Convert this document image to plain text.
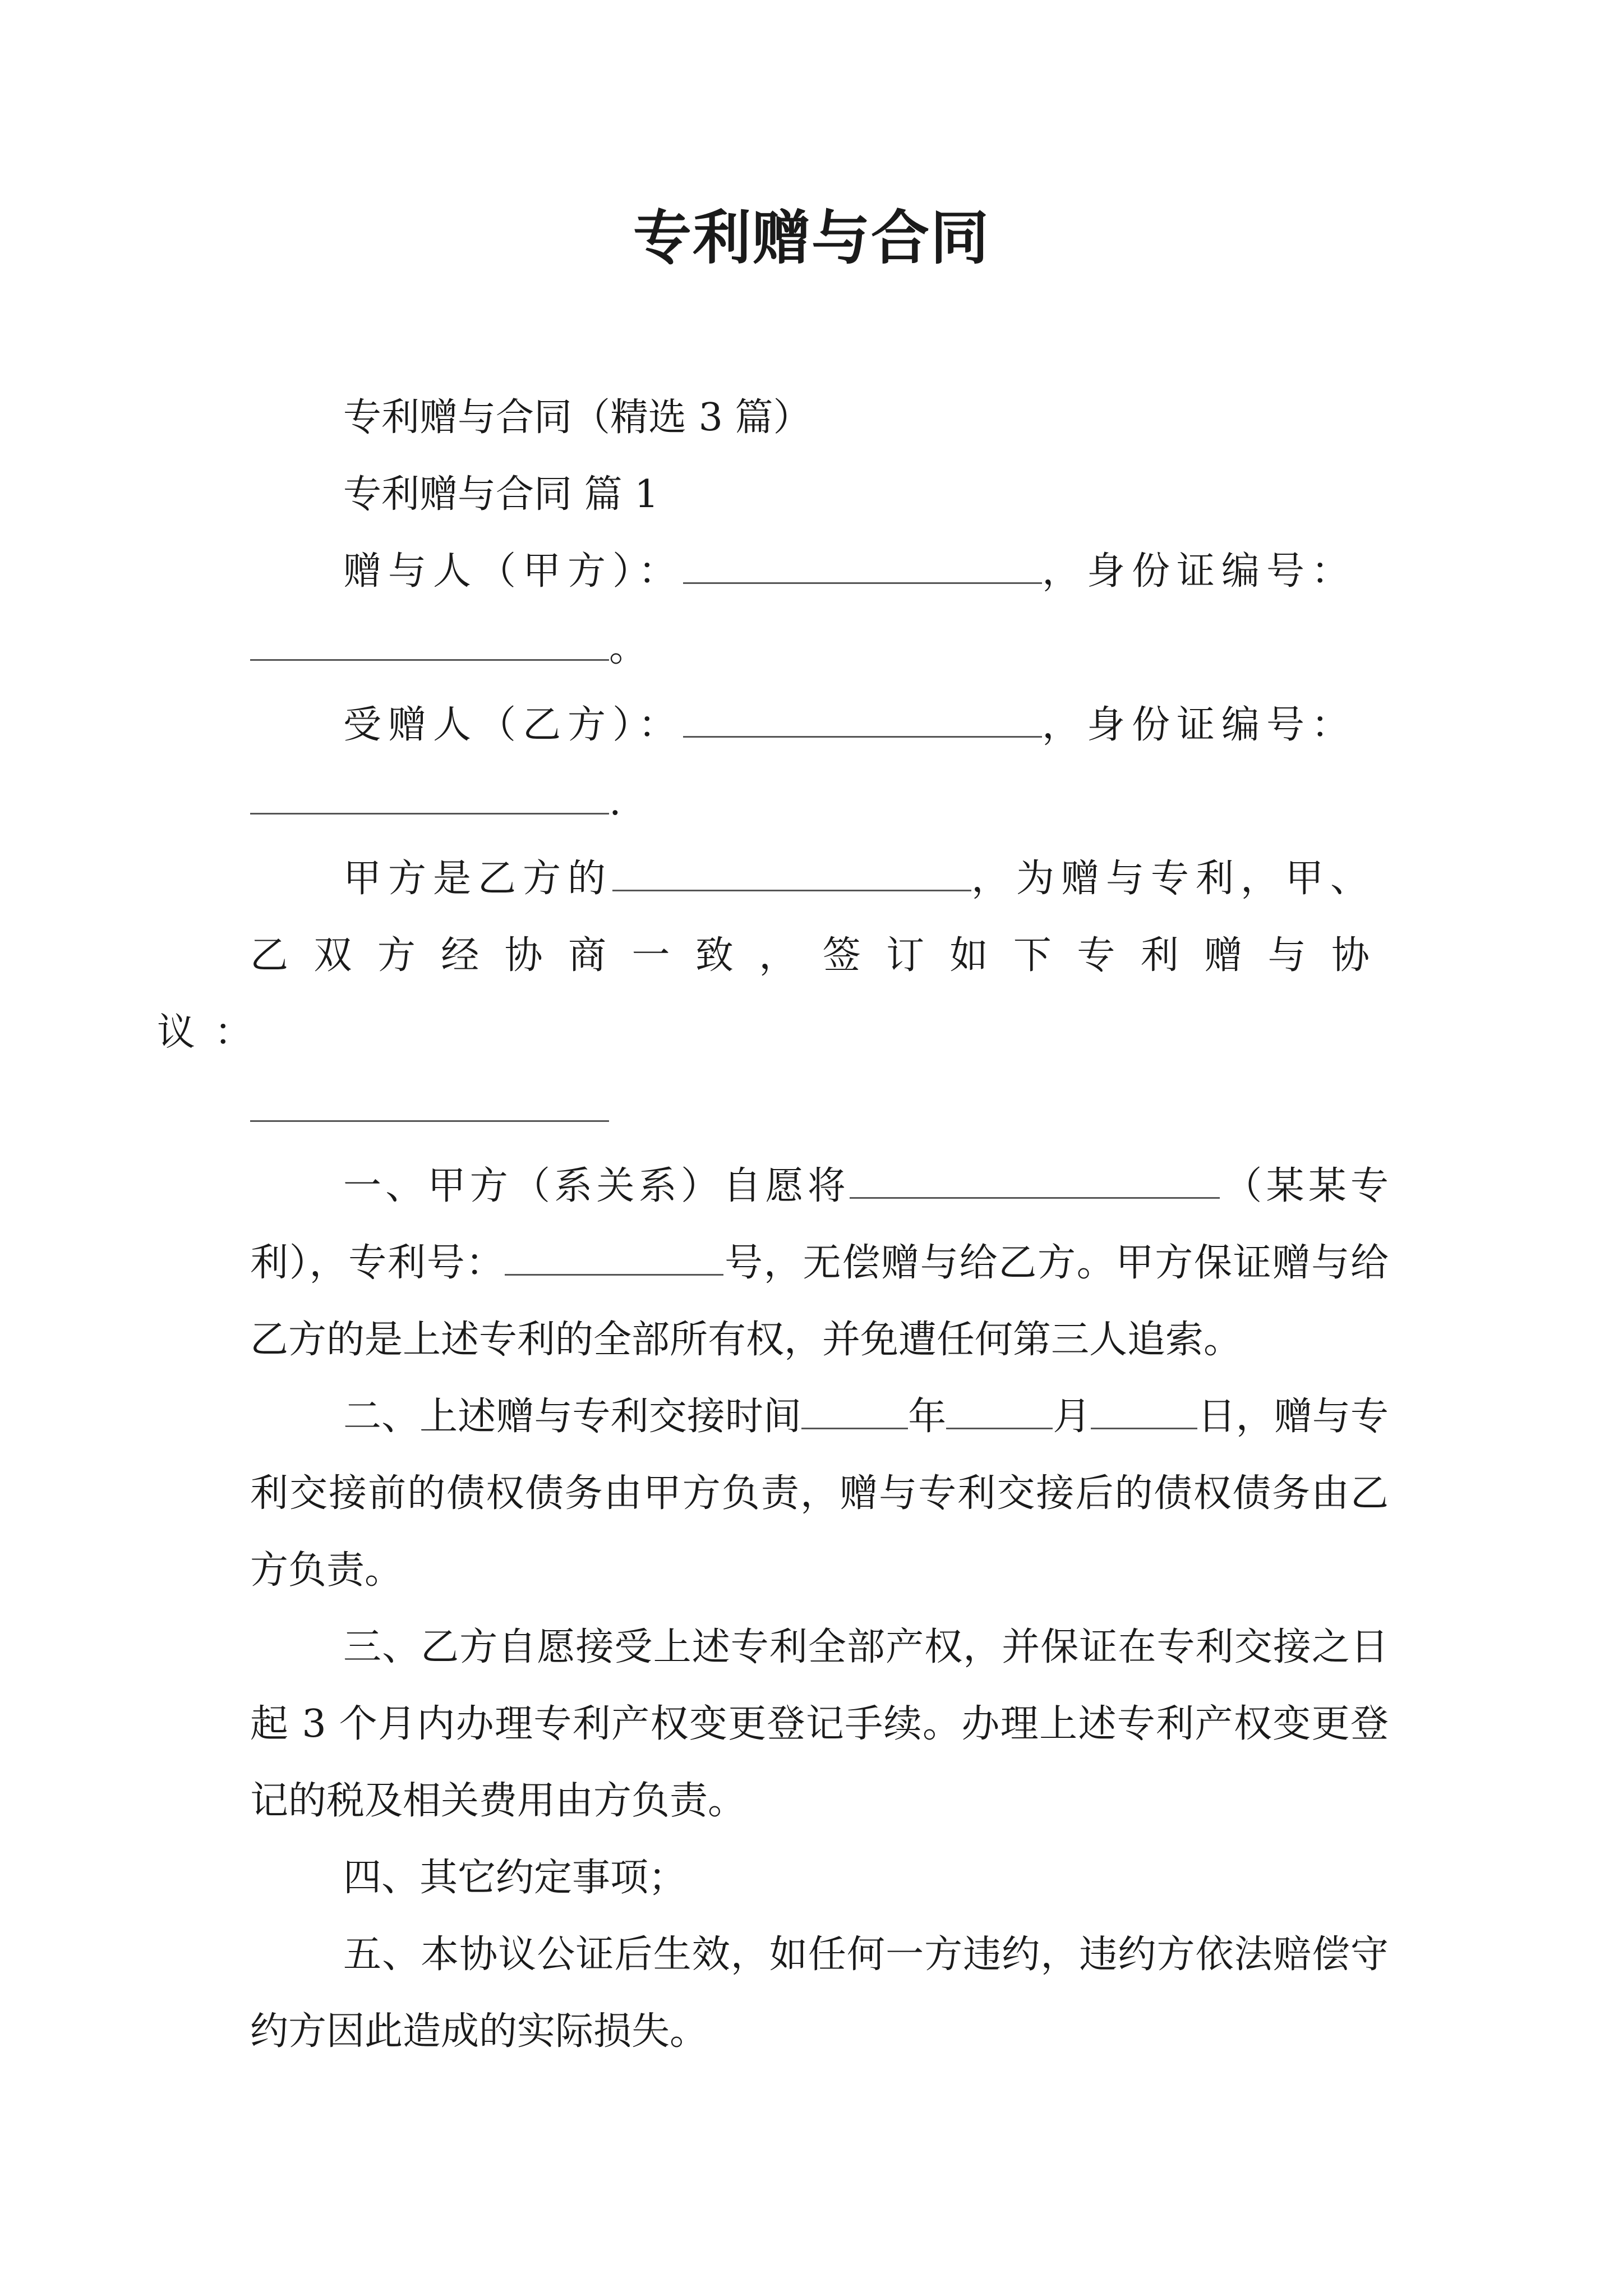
专利赠与合同

专利赠与合同（精选 3 篇）

专利赠与合同 篇 1

赠与人（甲方）：	，身份证编号：
。

受赠人（乙方）：	，身份证编号：
.

甲方是乙方的	，为赠与专利，甲、
乙双方经协商一致，签订如下专利赠与协议：

一、甲方（系关系）自愿将	（某某专利），专利号：	号，无偿赠与给乙方。甲方保证赠与给乙方的是上述专利的全部所有权，并免遭任何第三人追索。

二、上述赠与专利交接时间	年	月	日，赠与专利交接前的债权债务由甲方负责，赠与专利交接后的债权债务由乙方负责。

三、乙方自愿接受上述专利全部产权，并保证在专利交接之日起 3 个月内办理专利产权变更登记手续。办理上述专利产权变更登记的税及相关费用由方负责。

四、其它约定事项；

五、本协议公证后生效，如任何一方违约，违约方依法赔偿守约方因此造成的实际损失。
